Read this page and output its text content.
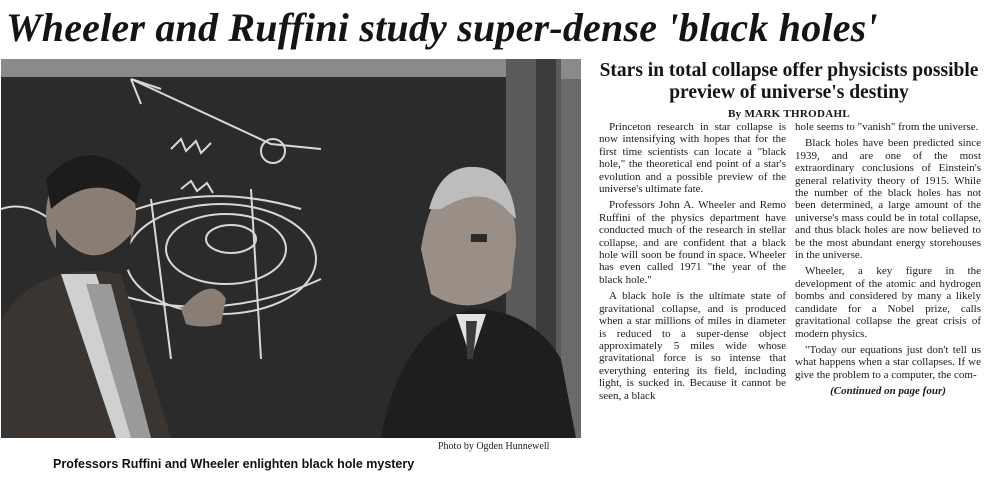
Wheeler and Ruffini study super-dense 'black holes'
Photo by Ogden Hunnewell
Professors Ruffini and Wheeler enlighten black hole mystery
Stars in total collapse offer physicists possible preview of universe's destiny
By MARK THRODAHL

Princeton research in star collapse is now intensifying with hopes that for the first time scientists can locate a "black hole," the theoretical end point of a star's evolution and a possible preview of the universe's ultimate fate.

Professors John A. Wheeler and Remo Ruffini of the physics department have conducted much of the research in stellar collapse, and are confident that a black hole will soon be found in space. Wheeler has even called 1971 "the year of the black hole."

A black hole is the ultimate state of gravitational collapse, and is produced when a star millions of miles in diameter is reduced to a super-dense object approximately 5 miles wide whose gravitational force is so intense that everything entering its field, including light, is sucked in. Because it cannot be seen, a black

hole seems to "vanish" from the universe.

Black holes have been predicted since 1939, and are one of the most extraordinary conclusions of Einstein's general relativity theory of 1915. While the number of the black holes has not been determined, a large amount of the universe's mass could be in total collapse, and thus black holes are now believed to be the most abundant energy storehouses in the universe.

Wheeler, a key figure in the development of the atomic and hydrogen bombs and considered by many a likely candidate for a Nobel prize, calls gravitational collapse the great crisis of modern physics.

"Today our equations just don't tell us what happens when a star collapses. If we give the problem to a computer, the com-

(Continued on page four)
